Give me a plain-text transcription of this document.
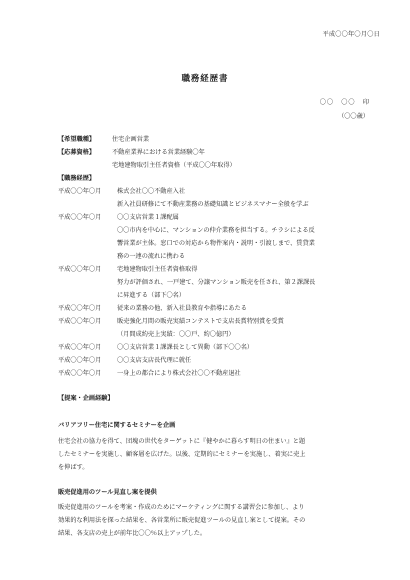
平成〇〇年〇月〇日
職務経歴書
〇〇　〇〇　印
（〇〇歳）
【希望職種】	住宅企画営業
【応募資格】	不動産業界における営業経験〇年
宅地建物取引主任者資格（平成〇〇年取得）
【職務経歴】
平成〇〇年〇月	株式会社〇〇不動産入社
新入社員研修にて不動産業務の基礎知識とビジネスマナー全般を学ぶ
平成〇〇年〇月	〇〇支店営業１課配属
〇〇市内を中心に、マンションの仲介業務を担当する。チラシによる反
響営業が主体。窓口での対応から物件案内・説明・引渡しまで、賃貸業
務の一連の流れに携わる
平成〇〇年〇月	宅地建物取引主任者資格取得
努力が評価され、一戸建て、分譲マンション販売を任され、第２課課長
に昇進する（部下〇名）
平成〇〇年〇月	従来の業務の他、新入社員教育や指導にあたる
平成〇〇年〇月	販売強化月間の販売実績コンテストで支店長賞特別賞を受賞
（月間成約売上実績：〇〇戸、約〇億円）
平成〇〇年〇月	〇〇支店営業１課課長として異動（部下〇〇名）
平成〇〇年〇月	〇〇支店支店長代理に就任
平成〇〇年〇月	一身上の都合により株式会社〇〇不動産退社
【提案・企画経験】
バリアフリー住宅に関するセミナーを企画
住宅会社の協力を得て、団塊の世代をターゲットに『健やかに暮らす明日の住まい』と題
したセミナーを実施し、顧客層を広げた。以後、定期的にセミナーを実施し、着実に売上
を伸ばす。
販売促進用のツール見直し案を提供
販売促進用のツールを考案・作成のためにマーケティングに関する講習会に参加し、より
効果的な利用法を探った結果を、各営業所に販売促進ツールの見直し案として提案。その
結果、各支店の売上が前年比〇〇％以上アップした。
